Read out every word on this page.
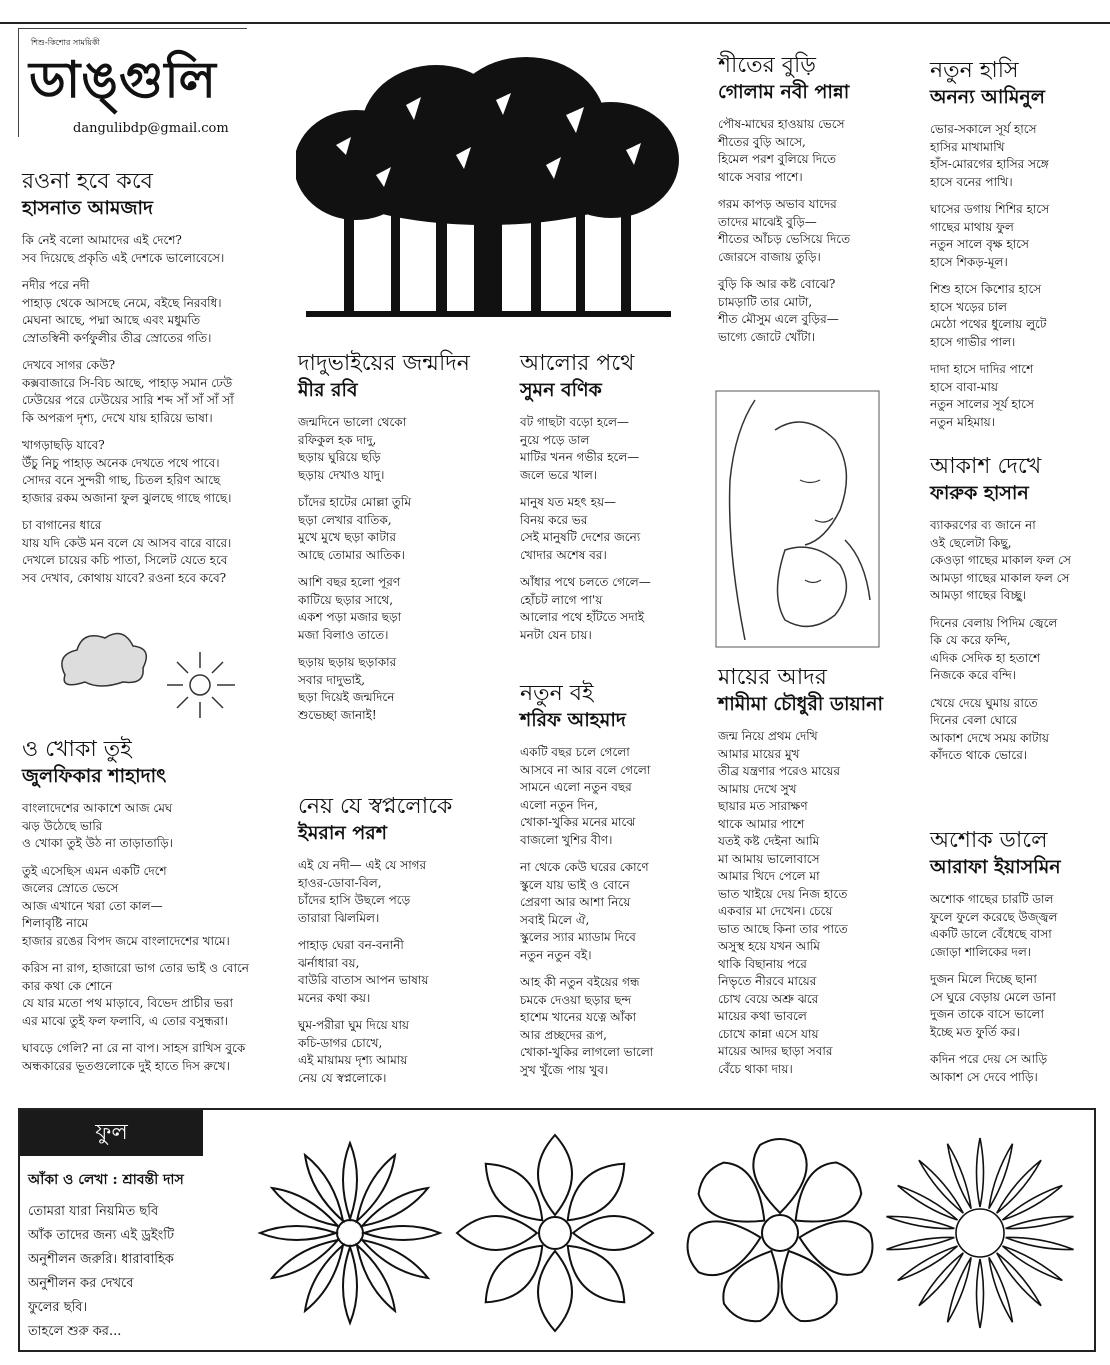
শিশু-কিশোর সাময়িকী
ডাঙ্গুলি
dangulibdp@gmail.com
রওনা হবে কবে
হাসনাত আমজাদ
কি নেই বলো আমাদের এই দেশে?
সব দিয়েছে প্রকৃতি এই দেশকে ভালোবেসে।
নদীর পরে নদী
পাহাড় থেকে আসছে নেমে, বইছে নিরবধি।
মেঘনা আছে, পদ্মা আছে এবং মধুমতি
স্রোতস্বিনী কর্ণফুলীর তীব্র স্রোতের গতি।
দেখবে সাগর কেউ?
কক্সবাজারে সি-বিচ আছে, পাহাড় সমান ঢেউ
ঢেউয়ের পরে ঢেউয়ের সারি শব্দ সাঁ সাঁ সাঁ সাঁ
কি অপরূপ দৃশ্য, দেখে যায় হারিয়ে ভাষা।
খাগড়াছড়ি যাবে?
উঁচু নিচু পাহাড় অনেক দেখতে পথে পাবে।
সোদর বনে সুন্দরী গাছ, চিতল হরিণ আছে
হাজার রকম অজানা ফুল ঝুলছে গাছে গাছে।
চা বাগানের ধারে
যায় যদি কেউ মন বলে যে আসব বারে বারে।
দেখলে চায়ের কচি পাতা, সিলেট যেতে হবে
সব দেখাব, কোথায় যাবে? রওনা হবে কবে?
ও খোকা তুই
জুলফিকার শাহাদাৎ
বাংলাদেশের আকাশে আজ মেঘ
ঝড় উঠেছে ভারি
ও খোকা তুই উঠ না তাড়াতাড়ি।
তুই এসেছিস এমন একটি দেশে
জলের স্রোতে ভেসে
আজ এখানে খরা তো কাল—
শিলাবৃষ্টি নামে
হাজার রঙের বিপদ জমে বাংলাদেশের খামে।
করিস না রাগ, হাজারো ভাগ তোর ভাই ও বোনে
কার কথা কে শোনে
যে যার মতো পথ মাড়াবে, বিভেদ প্রাচীর ভরা
এর মাঝে তুই ফল ফলাবি, এ তোর বসুন্ধরা।
ঘাবড়ে গেলি? না রে না বাপ। সাহস রাখিস বুকে
অন্ধকারের ভূতগুলোকে দুই হাতে দিস রুখে।
দাদুভাইয়ের জন্মদিন
মীর রবি
জন্মদিনে ভালো থেকো
রফিকুল হক দাদু,
ছড়ায় ঘুরিয়ে ছড়ি
ছড়ায় দেখাও যাদু।
চাঁদের হাটের মোল্লা তুমি
ছড়া লেখার বাতিক,
মুখে মুখে ছড়া কাটার
আছে তোমার আতিক।
আশি বছর হলো পূরণ
কাটিয়ে ছড়ার সাথে,
একশ পড়া মজার ছড়া
মজা বিলাও তাতে।
ছড়ায় ছড়ায় ছড়াকার
সবার দাদুভাই,
ছড়া দিয়েই জন্মদিনে
শুভেচ্ছা জানাই!
নেয় যে স্বপ্নলোকে
ইমরান পরশ
এই যে নদী— এই যে সাগর
হাওর-ডোবা-বিল,
চাঁদের হাসি উছলে পড়ে
তারারা ঝিলমিল।
পাহাড় ঘেরা বন-বনানী
ঝর্নাধারা বয়,
বাউরি বাতাস আপন ভাষায়
মনের কথা কয়।
ঘুম-পরীরা ঘুম দিয়ে যায়
কচি-ডাগর চোখে,
এই মায়াময় দৃশ্য আমায়
নেয় যে স্বপ্নলোকে।
আলোর পথে
সুমন বণিক
বট গাছটা বড়ো হলে—
নুয়ে পড়ে ডাল
মাটির খনন গভীর হলে—
জলে ভরে খাল।
মানুষ যত মহৎ হয়—
বিনয় করে ভর
সেই মানুষটি দেশের জন্যে
খোদার অশেষ বর।
আঁধার পথে চলতে গেলে—
হোঁচট লাগে পা'য়
আলোর পথে হাঁটতে সদাই
মনটা যেন চায়।
নতুন বই
শরিফ আহমাদ
একটি বছর চলে গেলো
আসবে না আর বলে গেলো
সামনে এলো নতুন বছর
এলো নতুন দিন,
খোকা-খুকির মনের মাঝে
বাজলো খুশির বীণ।
না থেকে কেউ ঘরের কোণে
স্কুলে যায় ভাই ও বোনে
প্রেরণা আর আশা নিয়ে
সবাই মিলে ঐ,
স্কুলের স্যার ম্যাডাম দিবে
নতুন নতুন বই।
আহ কী নতুন বইয়ের গন্ধ
চমকে দেওয়া ছড়ার ছন্দ
হাশেম খানের যত্নে আঁকা
আর প্রচ্ছদের রূপ,
খোকা-খুকির লাগলো ভালো
সুখ খুঁজে পায় খুব।
শীতের বুড়ি
গোলাম নবী পান্না
পৌষ-মাঘের হাওয়ায় ভেসে
শীতের বুড়ি আসে,
হিমেল পরশ বুলিয়ে দিতে
থাকে সবার পাশে।
গরম কাপড় অভাব যাদের
তাদের মাঝেই বুড়ি—
শীতের আঁচড় ভেসিয়ে দিতে
জোরসে বাজায় তুড়ি।
বুড়ি কি আর কষ্ট বোঝে?
চামড়াটি তার মোটা,
শীত মৌসুম এলে বুড়ির—
ভাগ্যে জোটে খোঁটা।
মায়ের আদর
শামীমা চৌধুরী ডায়ানা
জন্ম নিয়ে প্রথম দেখি
আমার মায়ের মুখ
তীব্র যন্ত্রণার পরেও মায়ের
আমায় দেখে সুখ
ছায়ার মত সারাক্ষণ
থাকে আমার পাশে
যতই কষ্ট দেইনা আমি
মা আমায় ভালোবাসে
আমার খিদে পেলে মা
ভাত খাইয়ে দেয় নিজ হাতে
একবার মা দেখেন। চেয়ে
ভাত আছে কিনা তার পাতে
অসুস্থ হয়ে যখন আমি
থাকি বিছানায় পরে
নিভৃতে নীরবে মায়ের
চোখ বেয়ে অশ্রু ঝরে
মায়ের কথা ভাবলে
চোখে কান্না এসে যায়
মায়ের আদর ছাড়া সবার
বেঁচে থাকা দায়।
নতুন হাসি
অনন্য আমিনুল
ভোর-সকালে সূর্য হাসে
হাসির মাখামাখি
হাঁস-মোরগের হাসির সঙ্গে
হাসে বনের পাখি।
ঘাসের ডগায় শিশির হাসে
গাছের মাথায় ফুল
নতুন সালে বৃক্ষ হাসে
হাসে শিকড়-মূল।
শিশু হাসে কিশোর হাসে
হাসে খড়ের চাল
মেঠো পথের ধুলোয় লুটে
হাসে গাভীর পাল।
দাদা হাসে দাদির পাশে
হাসে বাবা-মায়
নতুন সালের সূর্য হাসে
নতুন মহিমায়।
আকাশ দেখে
ফারুক হাসান
ব্যাকরণের ব্য জানে না
ওই ছেলেটা কিছু,
কেওড়া গাছের মাকাল ফল সে
আমড়া গাছের মাকাল ফল সে
আমড়া গাছের বিচ্ছু।
দিনের বেলায় পিদিম জ্বেলে
কি যে করে ফন্দি,
এদিক সেদিক হা হতাশে
নিজকে করে বন্দি।
খেয়ে দেয়ে ঘুমায় রাতে
দিনের বেলা ঘোরে
আকাশ দেখে সময় কাটায়
কাঁদতে থাকে ভোরে।
অশোক ডালে
আরাফা ইয়াসমিন
অশোক গাছের চারটি ডাল
ফুলে ফুলে করেছে উজ্জ্বল
একটি ডালে বেঁধেছে বাসা
জোড়া শালিকের দল।
দুজন মিলে দিচ্ছে ছানা
সে ঘুরে বেড়ায় মেলে ডানা
দুজন তাকে বাসে ভালো
ইচ্ছে মত ফুর্তি কর।
কদিন পরে দেয় সে আড়ি
আকাশ সে দেবে পাড়ি।
ফুল
আঁকা ও লেখা : শ্রাবন্তী দাস
তোমরা যারা নিয়মিত ছবি
আঁক তাদের জন্য এই ড্রইংটি
অনুশীলন জরুরি। ধারাবাহিক
অনুশীলন কর দেখবে
ফুলের ছবি।
তাহলে শুরু কর...
